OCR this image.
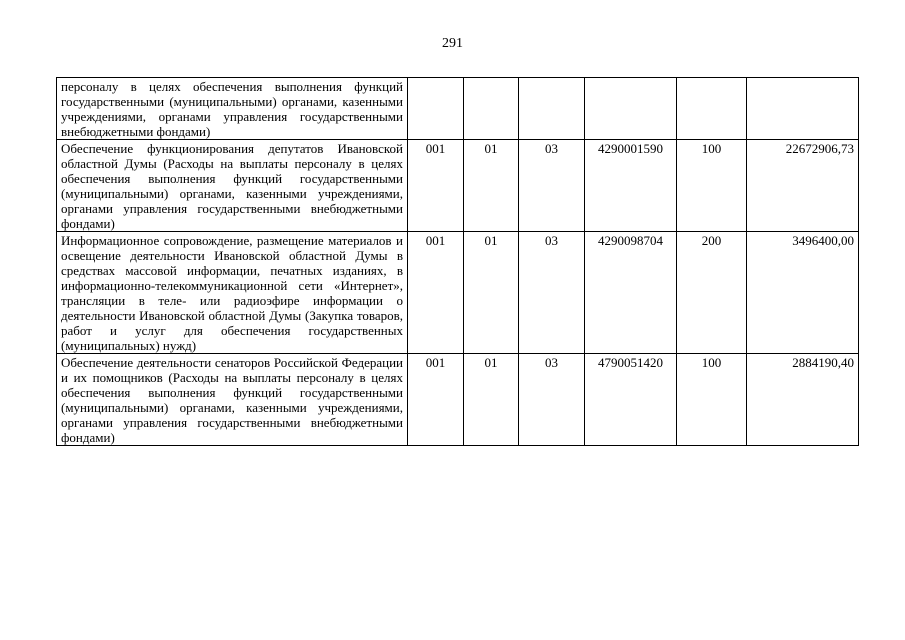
291
персоналу в целях обеспечения выполнения функций государственными (муниципальными) органами, казенными учреждениями, органами управления государственными внебюджетными фондами)						
Обеспечение функционирования депутатов Ивановской областной Думы (Расходы на выплаты персоналу в целях обеспечения выполнения функций государственными (муниципальными) органами, казенными учреждениями, органами управления государственными внебюджетными фондами)	001	01	03	4290001590	100	22672906,73
Информационное сопровождение, размещение материалов и освещение деятельности Ивановской областной Думы в средствах массовой информации, печатных изданиях, в информационно-телекоммуникационной сети «Интернет», трансляции в теле- или радиоэфире информации о деятельности Ивановской областной Думы (Закупка товаров, работ и услуг для обеспечения государственных (муниципальных) нужд)	001	01	03	4290098704	200	3496400,00
Обеспечение деятельности сенаторов Российской Федерации и их помощников (Расходы на выплаты персоналу в целях обеспечения выполнения функций государственными (муниципальными) органами, казенными учреждениями, органами управления государственными внебюджетными фондами)	001	01	03	4790051420	100	2884190,40
